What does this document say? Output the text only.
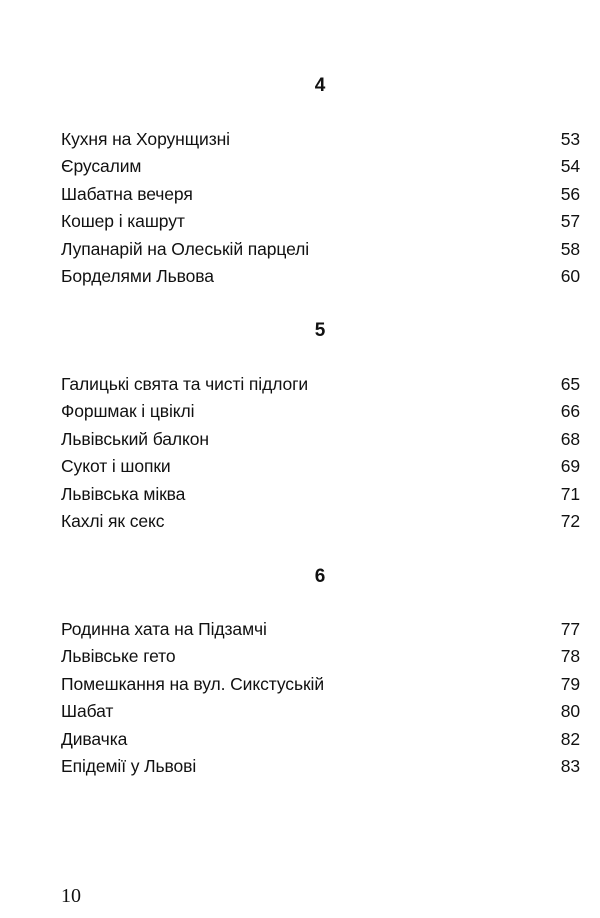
4
Кухня на Хорунщизні	53
Єрусалим	54
Шабатна вечеря	56
Кошер і кашрут	57
Лупанарій на Олеській парцелі	58
Борделями Львова	60
5
Галицькі свята та чисті підлоги	65
Форшмак і цвіклі	66
Львівський балкон	68
Сукот і шопки	69
Львівська міква	71
Кахлі як секс	72
6
Родинна хата на Підзамчі	77
Львівське гето	78
Помешкання на вул. Сикстуській	79
Шабат	80
Дивачка	82
Епідемії у Львові	83
10
